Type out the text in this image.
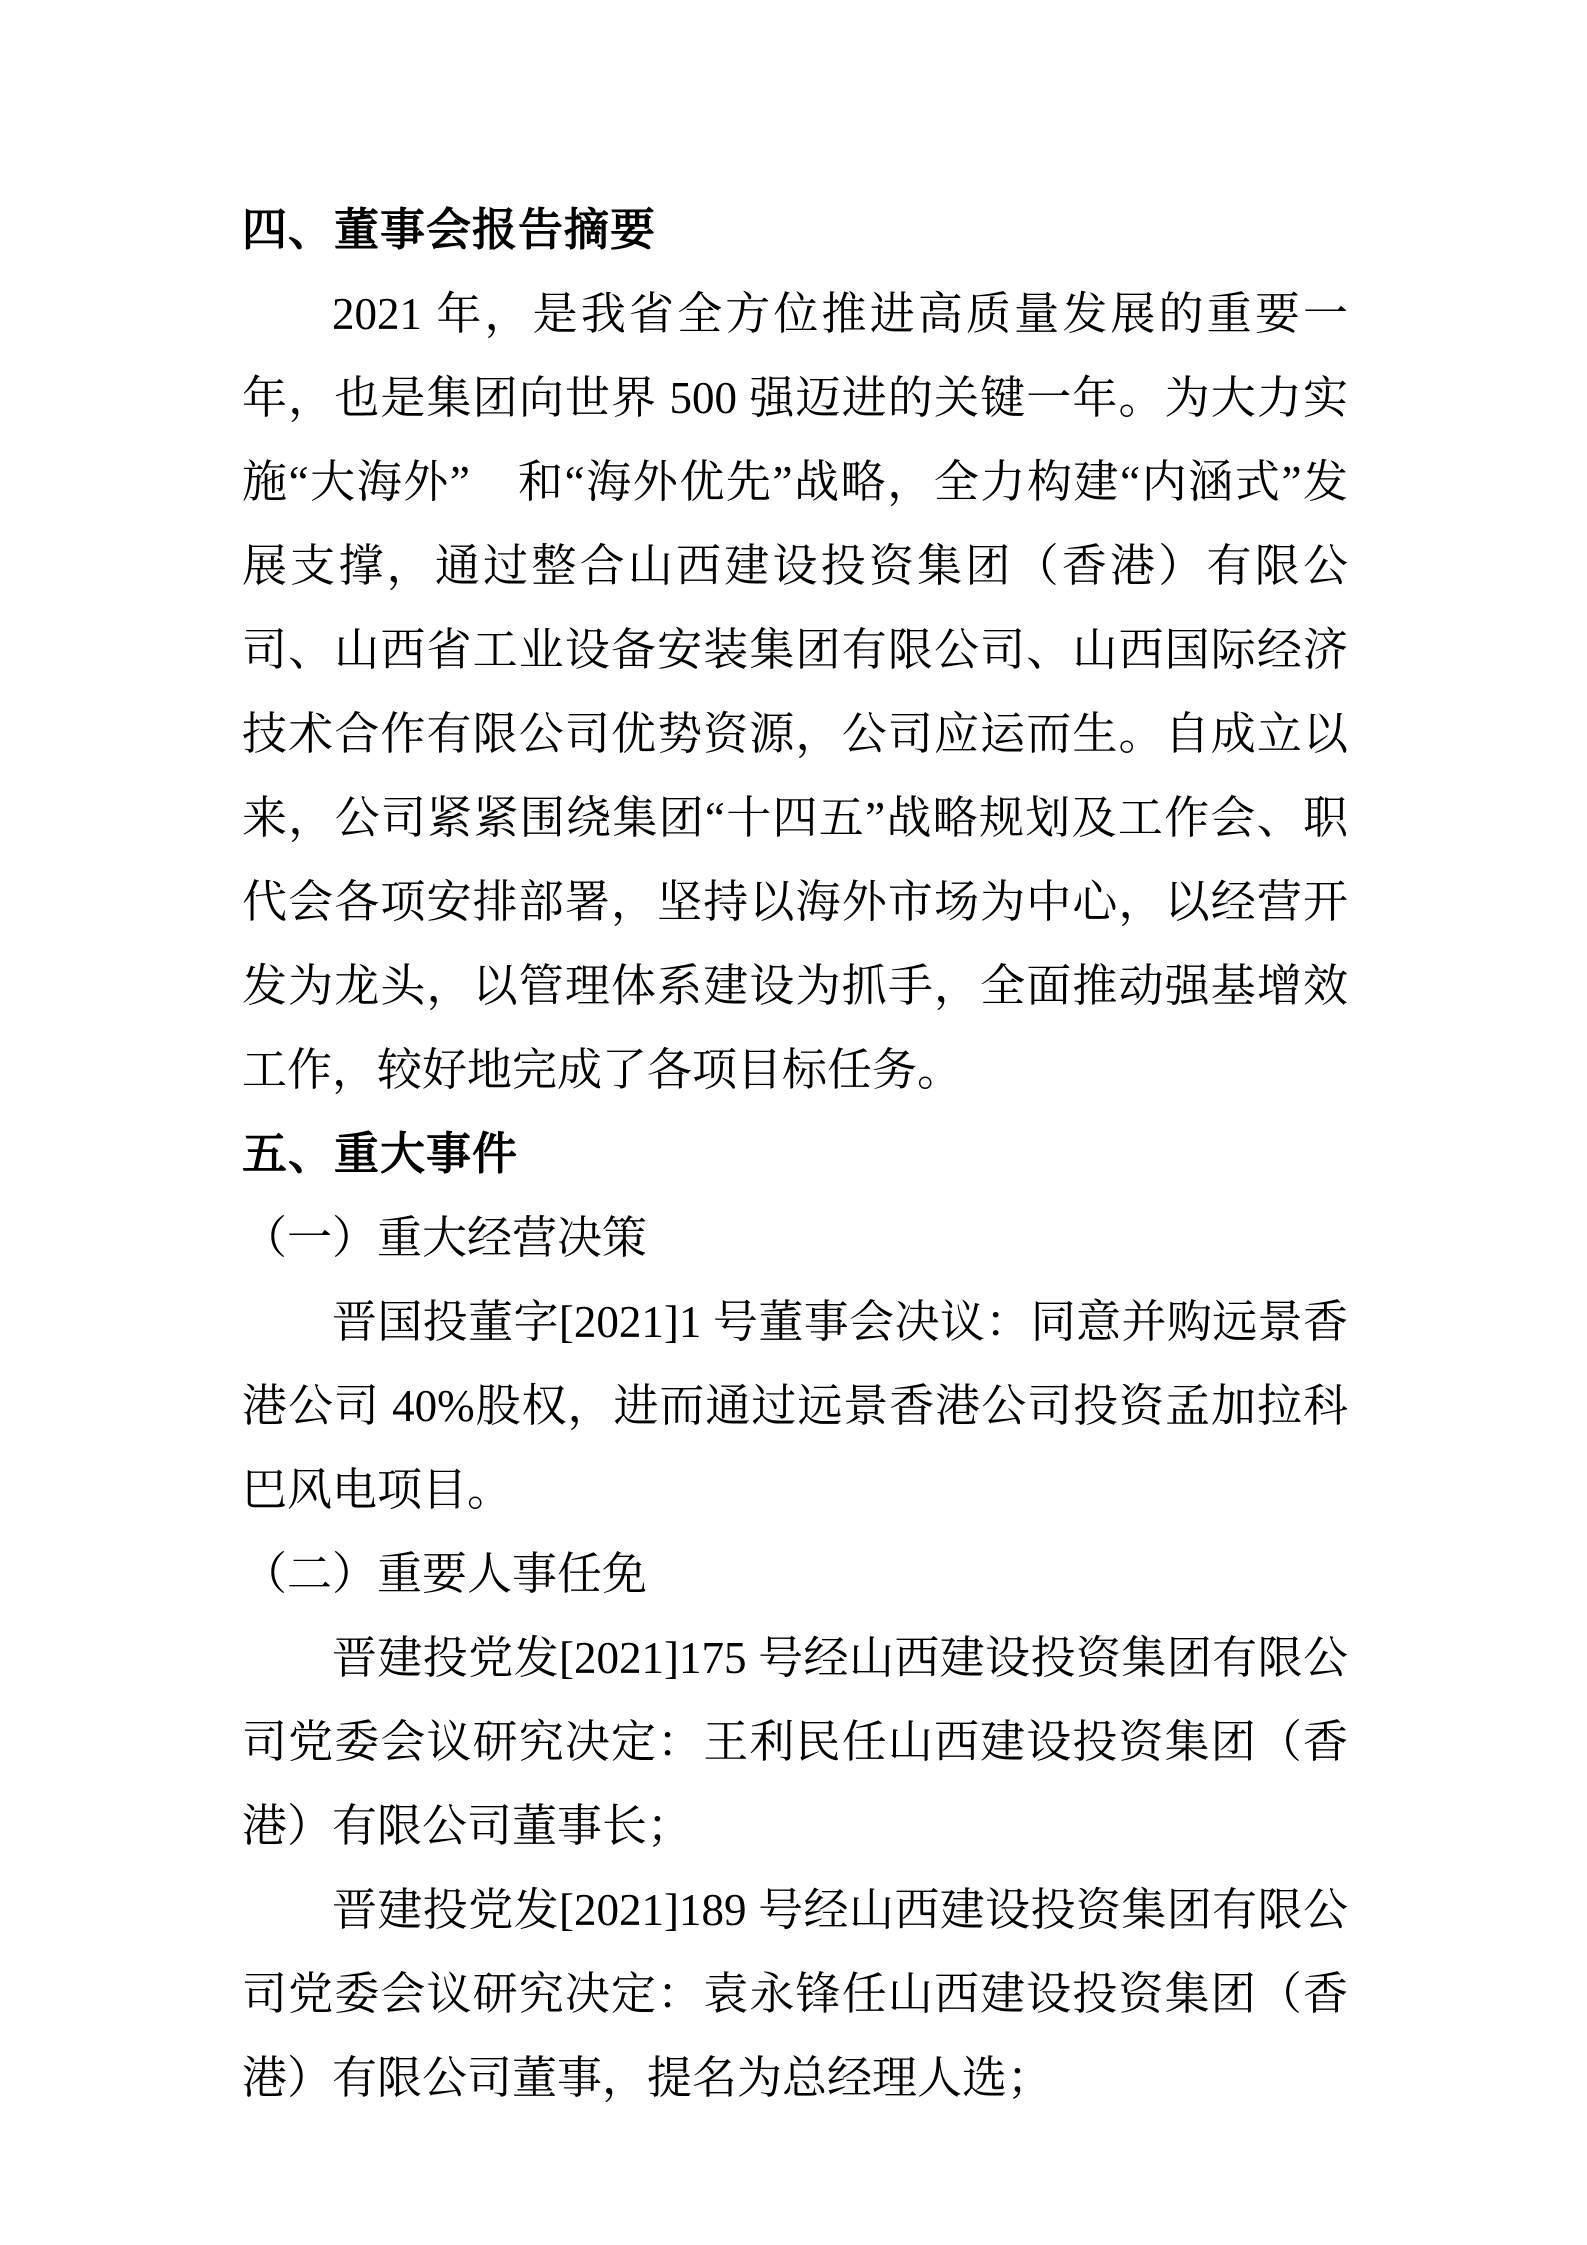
四、董事会报告摘要

2021 年，是我省全方位推进高质量发展的重要一年，也是集团向世界 500 强迈进的关键一年。为大力实施“大海外”　和“海外优先”战略，全力构建“内涵式”发展支撑，通过整合山西建设投资集团（香港）有限公司、山西省工业设备安装集团有限公司、山西国际经济技术合作有限公司优势资源，公司应运而生。自成立以来，公司紧紧围绕集团“十四五”战略规划及工作会、职代会各项安排部署，坚持以海外市场为中心，以经营开发为龙头，以管理体系建设为抓手，全面推动强基增效工作，较好地完成了各项目标任务。

五、重大事件
（一）重大经营决策

晋国投董字[2021]1 号董事会决议：同意并购远景香港公司 40%股权，进而通过远景香港公司投资孟加拉科巴风电项目。

（二）重要人事任免

晋建投党发[2021]175 号经山西建设投资集团有限公司党委会议研究决定：王利民任山西建设投资集团（香港）有限公司董事长；

晋建投党发[2021]189 号经山西建设投资集团有限公司党委会议研究决定：袁永锋任山西建设投资集团（香港）有限公司董事，提名为总经理人选；
